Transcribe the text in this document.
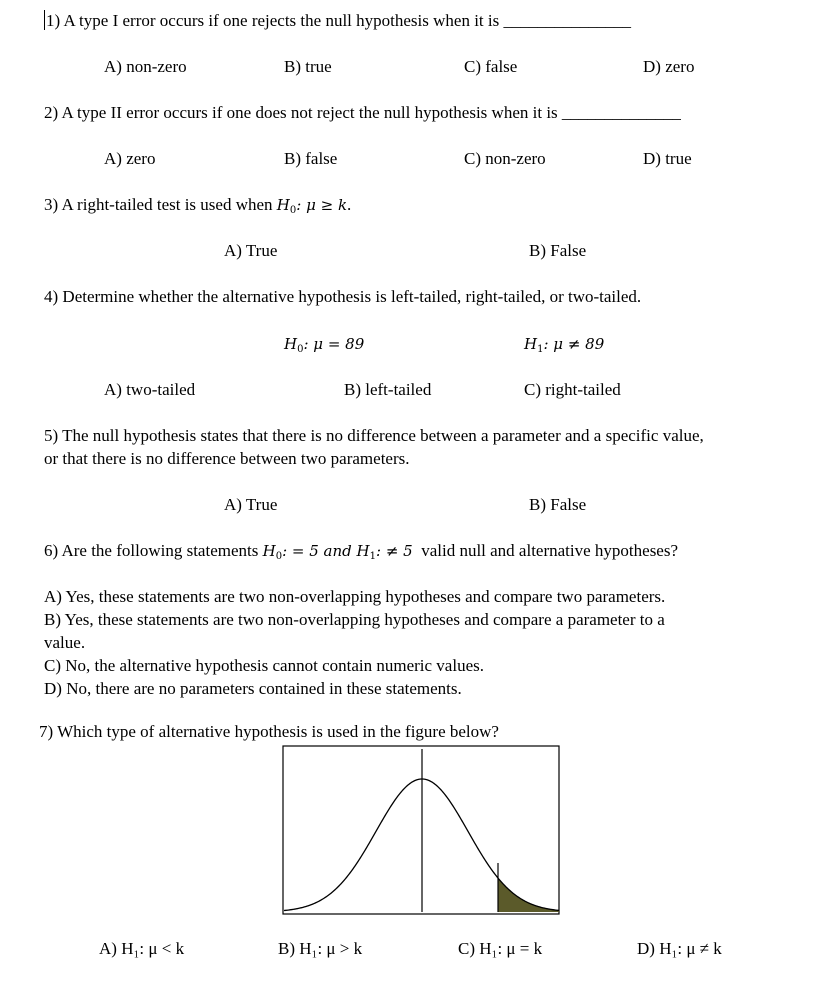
1) A type I error occurs if one rejects the null hypothesis when it is _______________
A) non-zero	B) true	C) false	D) zero
2) A type II error occurs if one does not reject the null hypothesis when it is ______________
A) zero	B) false	C) non-zero	D) true
3) A right-tailed test is used when $H_0$: μ ≥ k.
A) True	B) False
4) Determine whether the alternative hypothesis is left-tailed, right-tailed, or two-tailed.
$H_0$: μ = 89	$H_1$: μ ≠ 89
A) two-tailed	B) left-tailed	C) right-tailed
5) The null hypothesis states that there is no difference between a parameter and a specific value,
or that there is no difference between two parameters.
A) True	B) False
6) Are the following statements $H_0$: = 5 and $H_1$: ≠ 5 valid null and alternative hypotheses?
A) Yes, these statements are two non-overlapping hypotheses and compare two parameters.
B) Yes, these statements are two non-overlapping hypotheses and compare a parameter to a
value.
C) No, the alternative hypothesis cannot contain numeric values.
D) No, there are no parameters contained in these statements.
7) Which type of alternative hypothesis is used in the figure below?
A) H₁: μ < k	B) H₁: μ > k	C) H₁: μ = k	D) H₁: μ ≠ k
